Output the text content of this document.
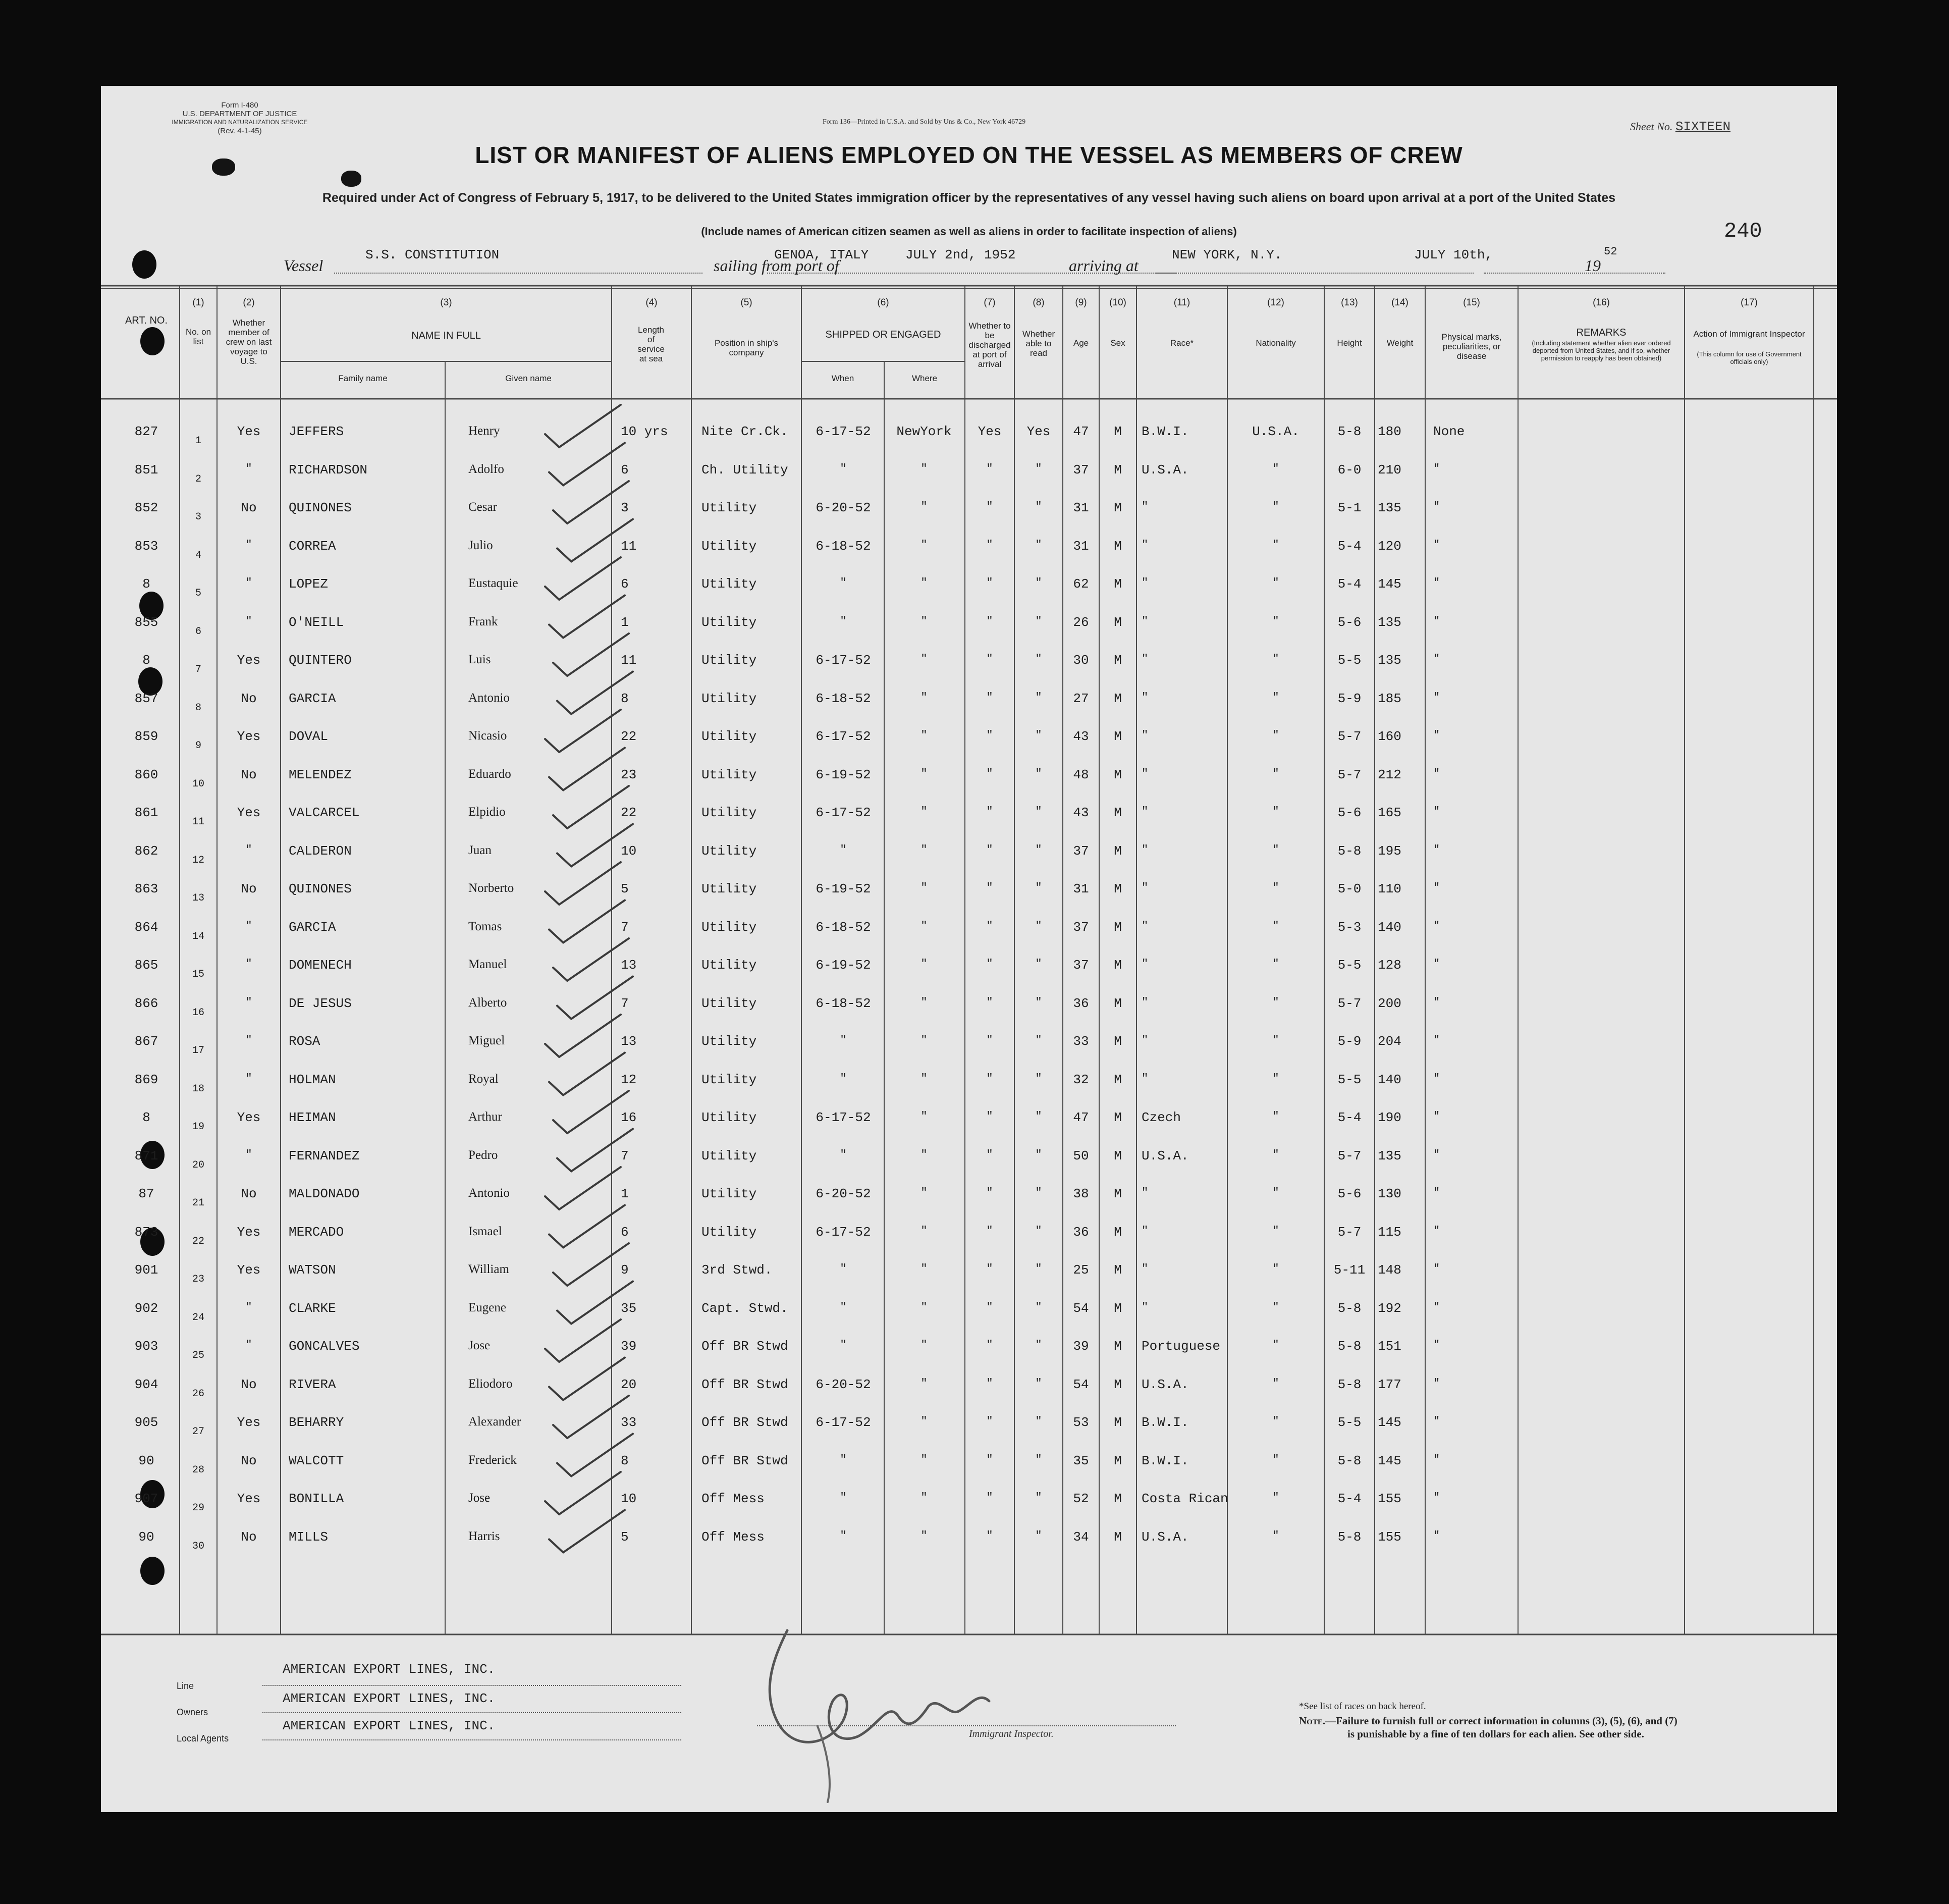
Form I-480
U.S. DEPARTMENT OF JUSTICE
IMMIGRATION AND NATURALIZATION SERVICE
(Rev. 4-1-45)
Form 136—Printed in U.S.A. and Sold by Uns & Co., New York 46729	Sheet No. SIXTEEN
LIST OR MANIFEST OF ALIENS EMPLOYED ON THE VESSEL AS MEMBERS OF CREW
Required under Act of Congress of February 5, 1917, to be delivered to the United States immigration officer by the representatives of any vessel having such aliens on board upon arrival at a port of the United States
(Include names of American citizen seamen as well as aliens in order to facilitate inspection of aliens)	240
Vessel
S.S. CONSTITUTION
sailing from port of
GENOA, ITALY	JULY 2nd, 1952
arriving at
NEW YORK, N.Y.	JULY 10th,
19
52
ART. NO.
(1)
No. on list
(2)
Whether member of crew on last voyage to U.S.
(3)
NAME IN FULL
Family name	Given name
(4)
Length of service at sea
(5)
Position in ship's company
(6)
SHIPPED OR ENGAGED
When	Where
(7)
Whether to be discharged at port of arrival
(8)
Whether able to read
(9)
Age
(10)
Sex
(11)
Race*
(12)
Nationality
(13)
Height
(14)
Weight
(15)
Physical marks, peculiarities, or disease
(16)
REMARKS
(Including statement whether alien ever ordered deported from United States, and if so, whether permission to reapply has been obtained)
(17)
Action of Immigrant Inspector
(This column for use of Government officials only)
827
1
Yes	JEFFERS	Henry	10 yrs	Nite Cr.Ck.	6-17-52	NewYork	Yes	Yes	47	M	B.W.I.	U.S.A.	5-8	180	None
851
2
"	RICHARDSON	Adolfo	6	Ch. Utility	"	"	"	"	37	M	U.S.A.	"	6-0	210	"
852
3
No	QUINONES	Cesar	3	Utility	6-20-52	"	"	"	31	M	"	"	5-1	135	"
853
4
"	CORREA	Julio	11	Utility	6-18-52	"	"	"	31	M	"	"	5-4	120	"
8
5
"	LOPEZ	Eustaquie	6	Utility	"	"	"	"	62	M	"	"	5-4	145	"
855
6
"	O'NEILL	Frank	1	Utility	"	"	"	"	26	M	"	"	5-6	135	"
8
7
Yes	QUINTERO	Luis	11	Utility	6-17-52	"	"	"	30	M	"	"	5-5	135	"
857
8
No	GARCIA	Antonio	8	Utility	6-18-52	"	"	"	27	M	"	"	5-9	185	"
859
9
Yes	DOVAL	Nicasio	22	Utility	6-17-52	"	"	"	43	M	"	"	5-7	160	"
860
10
No	MELENDEZ	Eduardo	23	Utility	6-19-52	"	"	"	48	M	"	"	5-7	212	"
861
11
Yes	VALCARCEL	Elpidio	22	Utility	6-17-52	"	"	"	43	M	"	"	5-6	165	"
862
12
"	CALDERON	Juan	10	Utility	"	"	"	"	37	M	"	"	5-8	195	"
863
13
No	QUINONES	Norberto	5	Utility	6-19-52	"	"	"	31	M	"	"	5-0	110	"
864
14
"	GARCIA	Tomas	7	Utility	6-18-52	"	"	"	37	M	"	"	5-3	140	"
865
15
"	DOMENECH	Manuel	13	Utility	6-19-52	"	"	"	37	M	"	"	5-5	128	"
866
16
"	DE JESUS	Alberto	7	Utility	6-18-52	"	"	"	36	M	"	"	5-7	200	"
867
17
"	ROSA	Miguel	13	Utility	"	"	"	"	33	M	"	"	5-9	204	"
869
18
"	HOLMAN	Royal	12	Utility	"	"	"	"	32	M	"	"	5-5	140	"
8
19
Yes	HEIMAN	Arthur	16	Utility	6-17-52	"	"	"	47	M	Czech	"	5-4	190	"
871
20
"	FERNANDEZ	Pedro	7	Utility	"	"	"	"	50	M	U.S.A.	"	5-7	135	"
87
21
No	MALDONADO	Antonio	1	Utility	6-20-52	"	"	"	38	M	"	"	5-6	130	"
873
22
Yes	MERCADO	Ismael	6	Utility	6-17-52	"	"	"	36	M	"	"	5-7	115	"
901
23
Yes	WATSON	William	9	3rd Stwd.	"	"	"	"	25	M	"	"	5-11 148	"
902
24
"	CLARKE	Eugene	35	Capt. Stwd.	"	"	"	"	54	M	"	"	5-8	192	"
903
25
"	GONCALVES	Jose	39	Off BR Stwd	"	"	"	"	39	M	Portuguese	"	5-8	151	"
904
26
No	RIVERA	Eliodoro	20	Off BR Stwd	6-20-52	"	"	"	54	M	U.S.A.	"	5-8	177	"
905
27
Yes	BEHARRY	Alexander	33	Off BR Stwd	6-17-52	"	"	"	53	M	B.W.I.	"	5-5	145	"
90
28
No	WALCOTT	Frederick	8	Off BR Stwd	"	"	"	"	35	M	B.W.I.	"	5-8	145	"
907
29
Yes	BONILLA	Jose	10	Off Mess	"	"	"	"	52	M	Costa Rican	"	5-4	155	"
90
30
No	MILLS	Harris	5	Off Mess	"	"	"	"	34	M	U.S.A.	"	5-8	155	"
Line
AMERICAN EXPORT LINES, INC.
Owners
AMERICAN EXPORT LINES, INC.
Local Agents
AMERICAN EXPORT LINES, INC.
Immigrant Inspector.
*See list of races on back hereof.
Note.—Failure to furnish full or correct information in columns (3), (5), (6), and (7)
is punishable by a fine of ten dollars for each alien. See other side.
